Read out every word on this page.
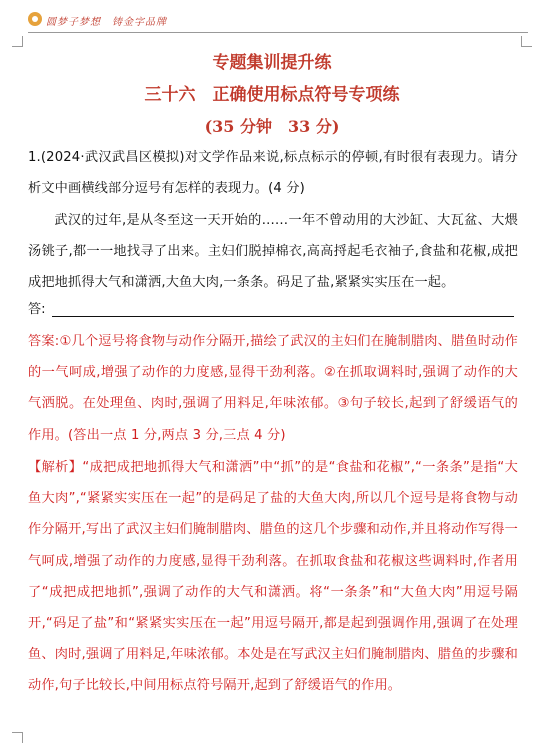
圆梦子梦想　铸金字品牌
专题集训提升练
三十六　正确使用标点符号专项练
(35 分钟　33 分)
1.(2024·武汉武昌区模拟)对文学作品来说,标点标示的停顿,有时很有表现力。请分析文中画横线部分逗号有怎样的表现力。(4 分)
武汉的过年,是从冬至这一天开始的……一年不曾动用的大沙缸、大瓦盆、大煨汤铫子,都一一地找寻了出来。主妇们脱掉棉衣,高高捋起毛衣袖子,食盐和花椒,成把成把地抓得大气和潇洒,大鱼大肉,一条条。码足了盐,紧紧实实压在一起。
答:
答案:①几个逗号将食物与动作分隔开,描绘了武汉的主妇们在腌制腊肉、腊鱼时动作的一气呵成,增强了动作的力度感,显得干劲利落。②在抓取调料时,强调了动作的大气洒脱。在处理鱼、肉时,强调了用料足,年味浓郁。③句子较长,起到了舒缓语气的作用。(答出一点 1 分,两点 3 分,三点 4 分)
【解析】“成把成把地抓得大气和潇洒”中“抓”的是“食盐和花椒”,“一条条”是指“大鱼大肉”,“紧紧实实压在一起”的是码足了盐的大鱼大肉,所以几个逗号是将食物与动作分隔开,写出了武汉主妇们腌制腊肉、腊鱼的这几个步骤和动作,并且将动作写得一气呵成,增强了动作的力度感,显得干劲利落。在抓取食盐和花椒这些调料时,作者用了“成把成把地抓”,强调了动作的大气和潇洒。将“一条条”和“大鱼大肉”用逗号隔开,“码足了盐”和“紧紧实实压在一起”用逗号隔开,都是起到强调作用,强调了在处理鱼、肉时,强调了用料足,年味浓郁。本处是在写武汉主妇们腌制腊肉、腊鱼的步骤和动作,句子比较长,中间用标点符号隔开,起到了舒缓语气的作用。
